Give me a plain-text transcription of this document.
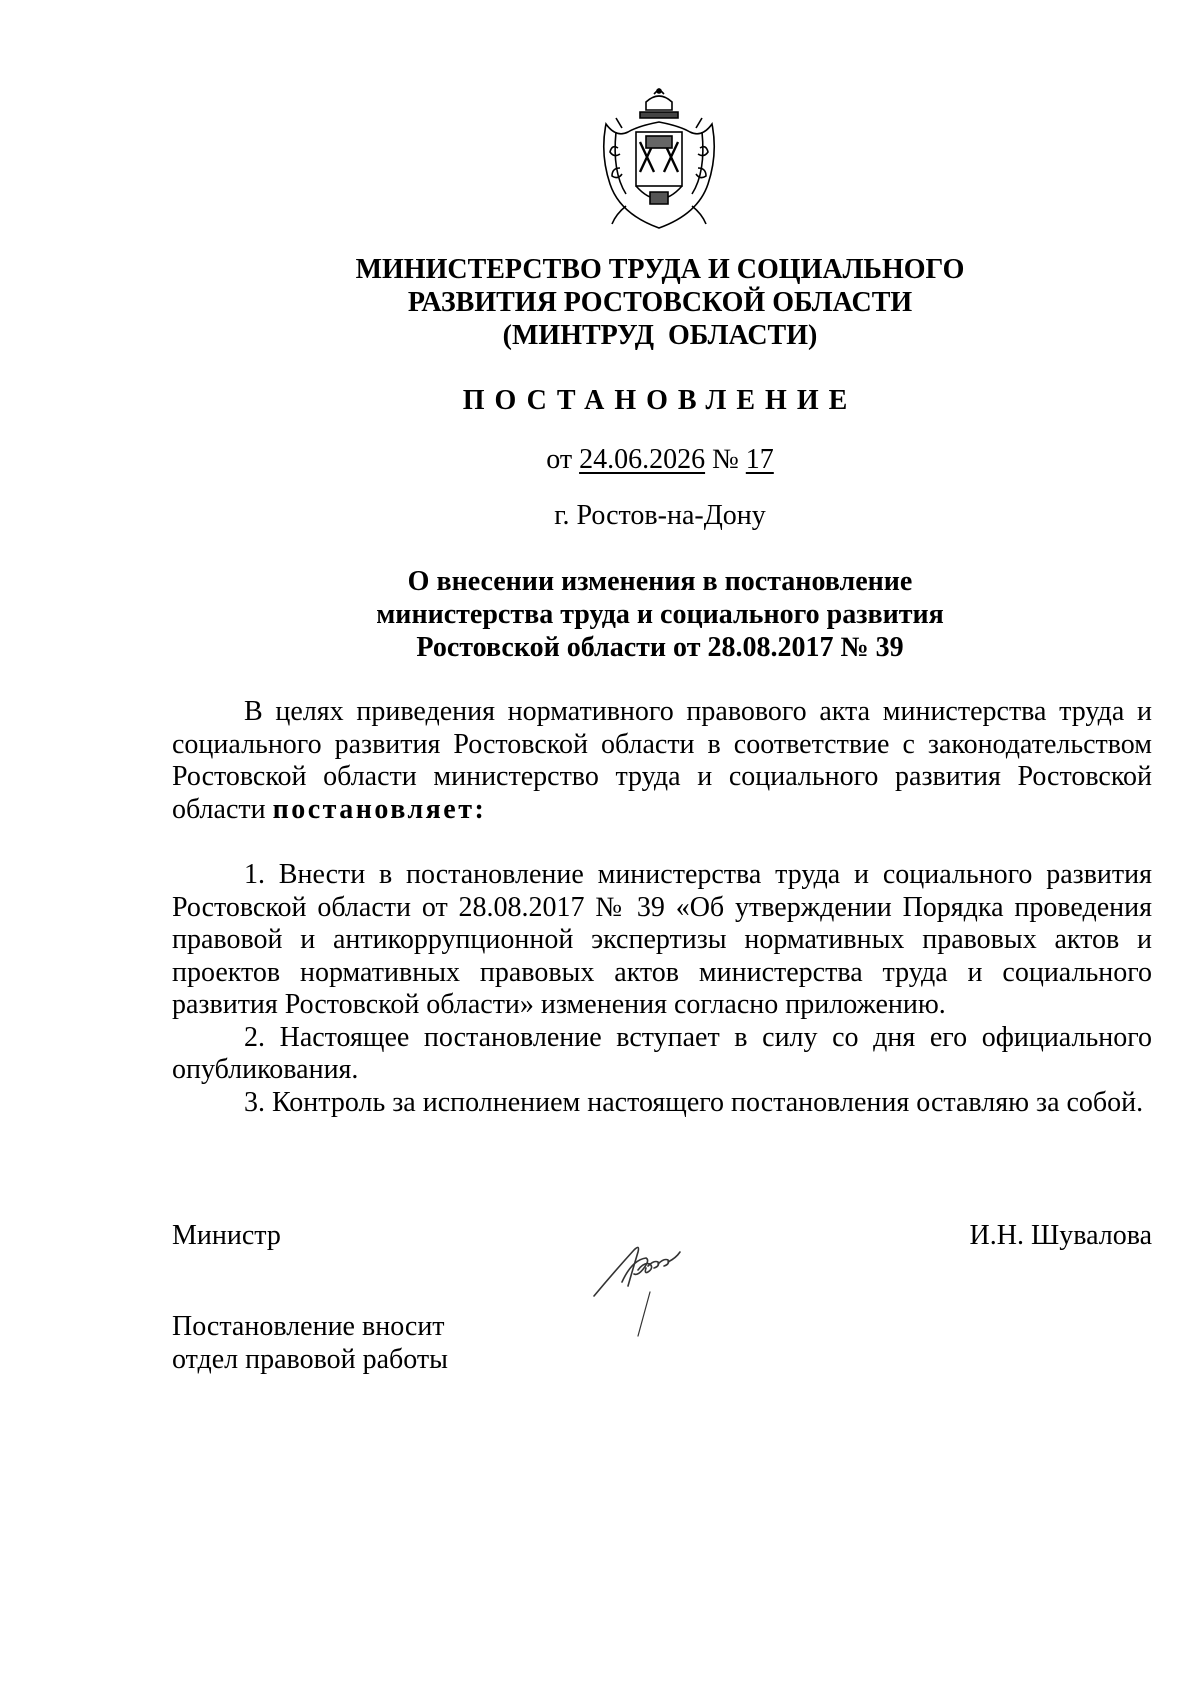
МИНИСТЕРСТВО ТРУДА И СОЦИАЛЬНОГО
РАЗВИТИЯ РОСТОВСКОЙ ОБЛАСТИ
(МИНТРУД  ОБЛАСТИ)
ПОСТАНОВЛЕНИЕ
от 24.06.2026 № 17
г. Ростов-на-Дону
О внесении изменения в постановление
министерства труда и социального развития
Ростовской области от 28.08.2017 № 39

В целях приведения нормативного правового акта министерства труда и социального развития Ростовской области в соответствие с законодательством Ростовской области министерство труда и социального развития Ростовской области постановляет:

1. Внести в постановление министерства труда и социального развития Ростовской области от 28.08.2017 № 39 «Об утверждении Порядка проведения правовой и антикоррупционной экспертизы нормативных правовых актов и проектов нормативных правовых актов министерства труда и социального развития Ростовской области» изменения согласно приложению.

2. Настоящее постановление вступает в силу со дня его официального опубликования.

3. Контроль за исполнением настоящего постановления оставляю за собой.

Министр	И.Н. Шувалова
Постановление вносит
отдел правовой работы
